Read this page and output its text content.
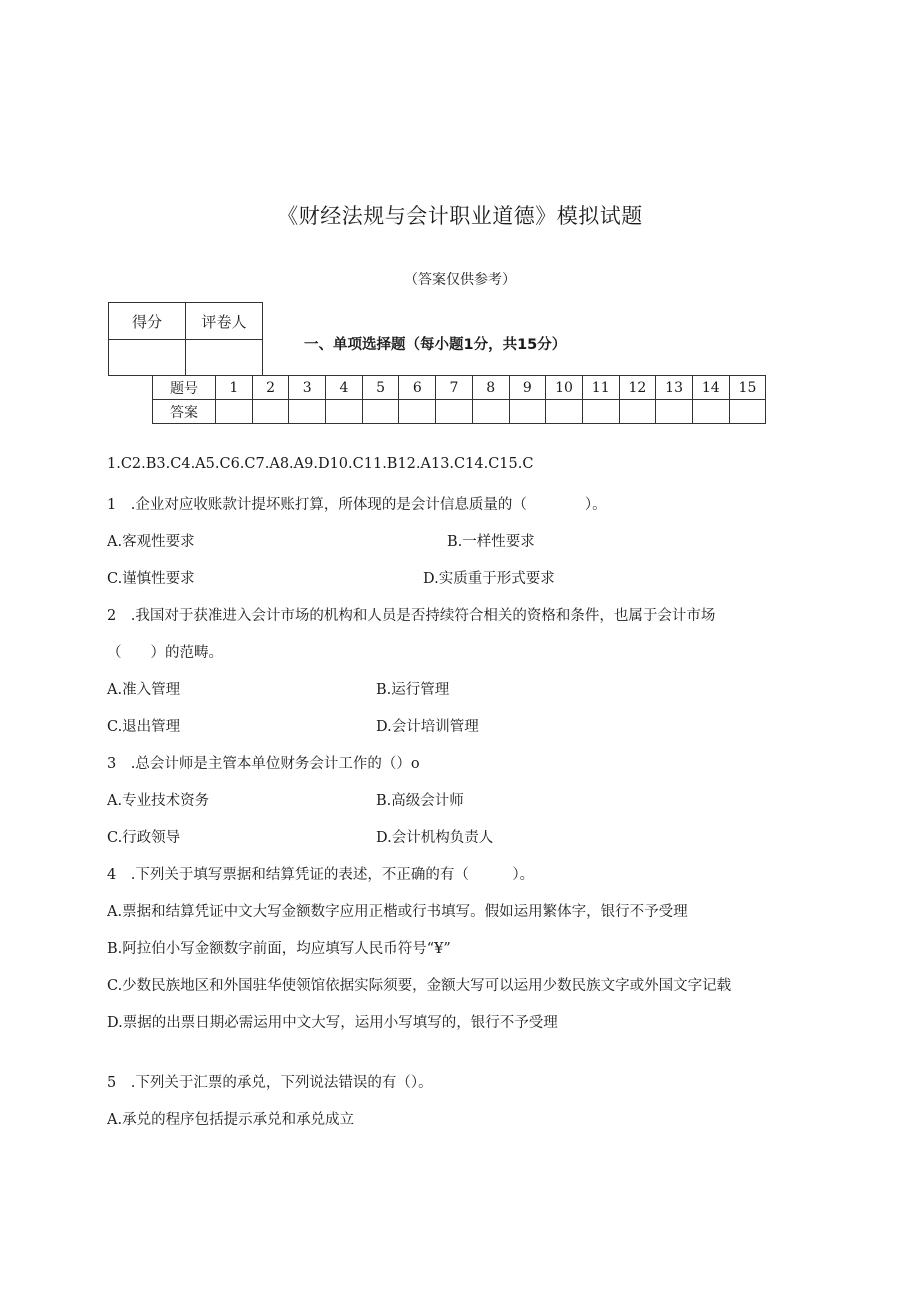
《财经法规与会计职业道德》模拟试题
（答案仅供参考）
得分	评卷人

一、单项选择题（每小题1分，共15分）
题号	1	2	3	4	5	6	7	8	9	10	11	12	13	14	15
答案															
1.C2.B3.C4.A5.C6.C7.A8.A9.D10.C11.B12.A13.C14.C15.C
1　.企业对应收账款计提坏账打算，所体现的是会计信息质量的（　　　　）。
A.客观性要求	B.一样性要求
C.谨慎性要求	D.实质重于形式要求
2　.我国对于获准进入会计市场的机构和人员是否持续符合相关的资格和条件，也属于会计市场
（　　）的范畴。
A.准入管理	B.运行管理
C.退出管理	D.会计培训管理
3　.总会计师是主管本单位财务会计工作的（）o
A.专业技术资务	B.高级会计师
C.行政领导	D.会计机构负责人
4　.下列关于填写票据和结算凭证的表述，不正确的有（　　　）。
A.票据和结算凭证中文大写金额数字应用正楷或行书填写。假如运用繁体字，银行不予受理
B.阿拉伯小写金额数字前面，均应填写人民币符号“¥”
C.少数民族地区和外国驻华使领馆依据实际须要，金额大写可以运用少数民族文字或外国文字记载
D.票据的出票日期必需运用中文大写，运用小写填写的，银行不予受理
5　.下列关于汇票的承兑，下列说法错误的有（）。
A.承兑的程序包括提示承兑和承兑成立
